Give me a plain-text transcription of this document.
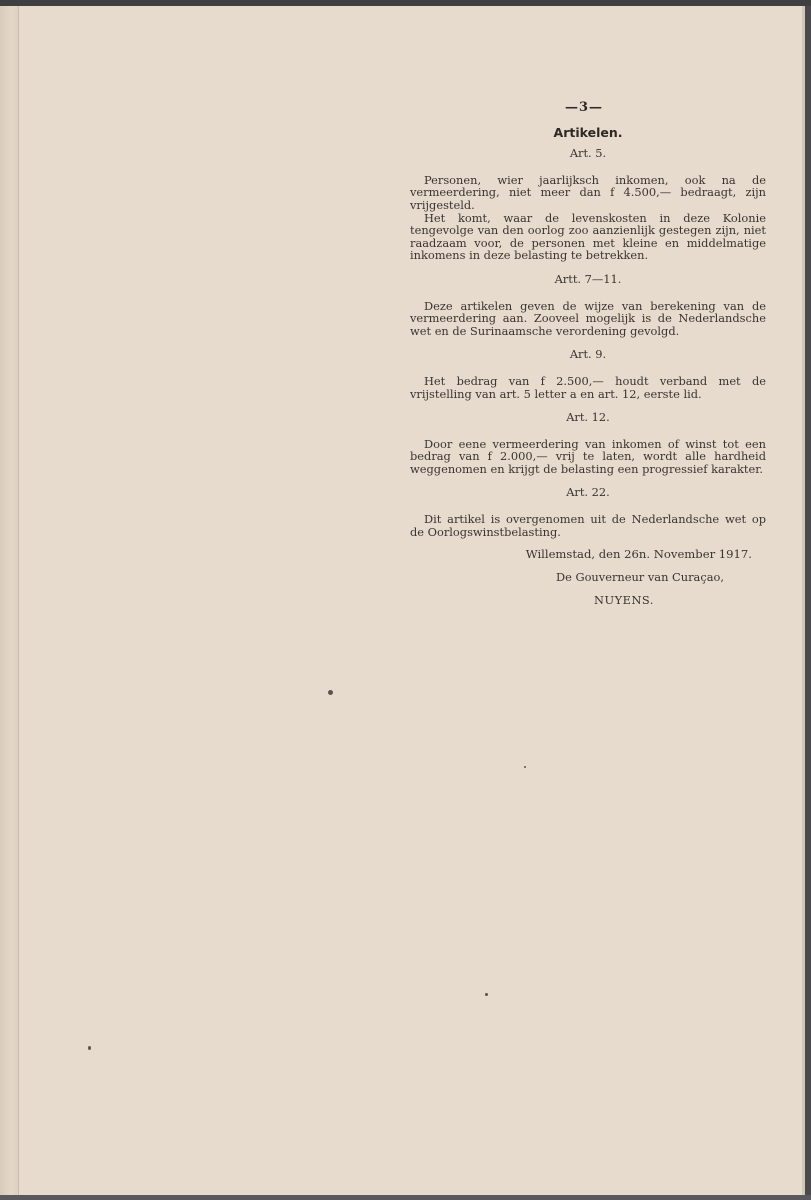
—3—
Artikelen.
Art. 5.

Personen, wier jaarlijksch inkomen, ook na de vermeerdering, niet meer dan f 4.500,— bedraagt, zijn vrijgesteld.

Het komt, waar de levenskosten in deze Kolonie tengevolge van den oorlog zoo aanzienlijk gestegen zijn, niet raadzaam voor, de personen met kleine en middelmatige inkomens in deze belasting te betrekken.

Artt. 7—11.

Deze artikelen geven de wijze van berekening van de vermeerdering aan. Zooveel mogelijk is de Nederlandsche wet en de Surinaamsche verordening gevolgd.

Art. 9.

Het bedrag van f 2.500,— houdt verband met de vrijstelling van art. 5 letter a en art. 12, eerste lid.

Art. 12.

Door eene vermeerdering van inkomen of winst tot een bedrag van f 2.000,— vrij te laten, wordt alle hardheid weggenomen en krijgt de belasting een progressief karakter.

Art. 22.

Dit artikel is overgenomen uit de Nederlandsche wet op de Oorlogswinstbelasting.

Willemstad, den 26n. November 1917.
De Gouverneur van Curaçao,
NUYENS.
